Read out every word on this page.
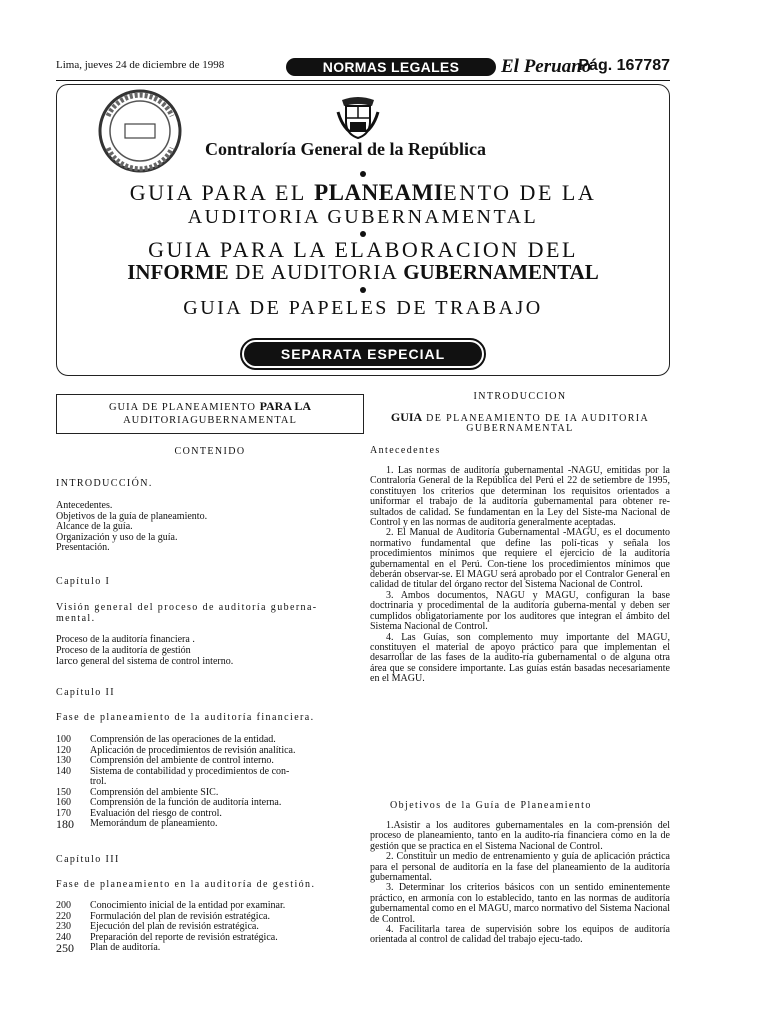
Lima, jueves 24 de diciembre de 1998	NORMAS LEGALES	El Peruano
Pág. 167787
Contraloría General de la República
GUIA PARA EL PLANEAMIENTO DE LA
AUDITORIA GUBERNAMENTAL
GUIA PARA LA ELABORACION DEL
INFORME DE AUDITORIA GUBERNAMENTAL
GUIA DE PAPELES DE TRABAJO
SEPARATA ESPECIAL
GUIA DE PLANEAMIENTO PARA LA
AUDITORIAGUBERNAMENTAL
CONTENIDO
INTRODUCCIÓN.
Antecedentes.
Objetivos de la guía de planeamiento.
Alcance de la guía.
Organización y uso de la guía.
Presentación.
Capítulo I
Visión general del proceso de auditoría guberna-
mental.
Proceso de la auditoría financiera .
Proceso de la auditoría de gestión
larco general del sistema de control interno.
Capítulo II
Fase de planeamiento de la auditoría financiera.
100	Comprensión de las operaciones de la entidad.
120	Aplicación de procedimientos de revisión analítica.
130	Comprensión del ambiente de control interno.
140	Sistema de contabilidad y procedimientos de con-
trol.
150	Comprensión del ambiente SIC.
160	Comprensión de la función de auditoría interna.
170	Evaluación del riesgo de control.
180	Memorándum de planeamiento.
Capítulo III
Fase de planeamiento en la auditoría de gestión.
200	Conocimiento inicial de la entidad por examinar.
220	Formulación del plan de revisión estratégica.
230	Ejecución del plan de revisión estratégica.
240	Preparación del reporte de revisión estratégica.
250	Plan de auditoría.
INTRODUCCION
GUIA DE PLANEAMIENTO DE IA AUDITORIA
GUBERNAMENTAL
Antecedentes

1. Las normas de auditoría gubernamental -NAGU, emitidas por la Contraloría General de la República del Perú el 22 de setiembre de 1995, constituyen los criterios que determinan los requisitos orientados a uniformar el trabajo de la auditoría gubernamental para obtener re-sultados de calidad. Se fundamentan en la Ley del Siste-ma Nacional de Control y en las normas de auditoría generalmente aceptadas.

2. El Manual de Auditoría Gubernamental -MAGU, es el documento normativo fundamental que define las polí-ticas y señala los procedimientos mínimos que requiere el ejercicio de la auditoría gubernamental en el Perú. Con-tiene los procedimientos mínimos que deberán observar-se. El MAGU será aprobado por el Contralor General en calidad de titular del órgano rector del Sistema Nacional de Control.

3. Ambos documentos, NAGU y MAGU, configuran la base doctrinaria y procedimental de la auditoría guberna-mental y deben ser cumplidos obligatoriamente por los auditores que integran el ámbito del Sistema Nacional de Control.

4. Las Guías, son complemento muy importante del MAGU, constituyen el material de apoyo práctico para que implementan el desarrollar de las fases de la audito-ría gubernamental o de alguna otra área que se considere importante. Las guías están basadas necesariamente en el MAGU.

Objetivos de la Guía de Planeamiento

1.Asistir a los auditores gubernamentales en la com-prensión del proceso de planeamiento, tanto en la audito-ría financiera como en la de gestión que se practica en el Sistema Nacional de Control.

2. Constituir un medio de entrenamiento y guía de aplicación práctica para el personal de auditoría en la fase del planeamiento de la auditoría gubernamental.

3. Determinar los criterios básicos con un sentido eminentemente práctico, en armonía con lo establecido, tanto en las normas de auditoría gubernamental como en el MAGU, marco normativo del Sistema Nacional de Control.

4. Facilitarla tarea de supervisión sobre los equipos de auditoría orientada al control de calidad del trabajo ejecu-tado.
